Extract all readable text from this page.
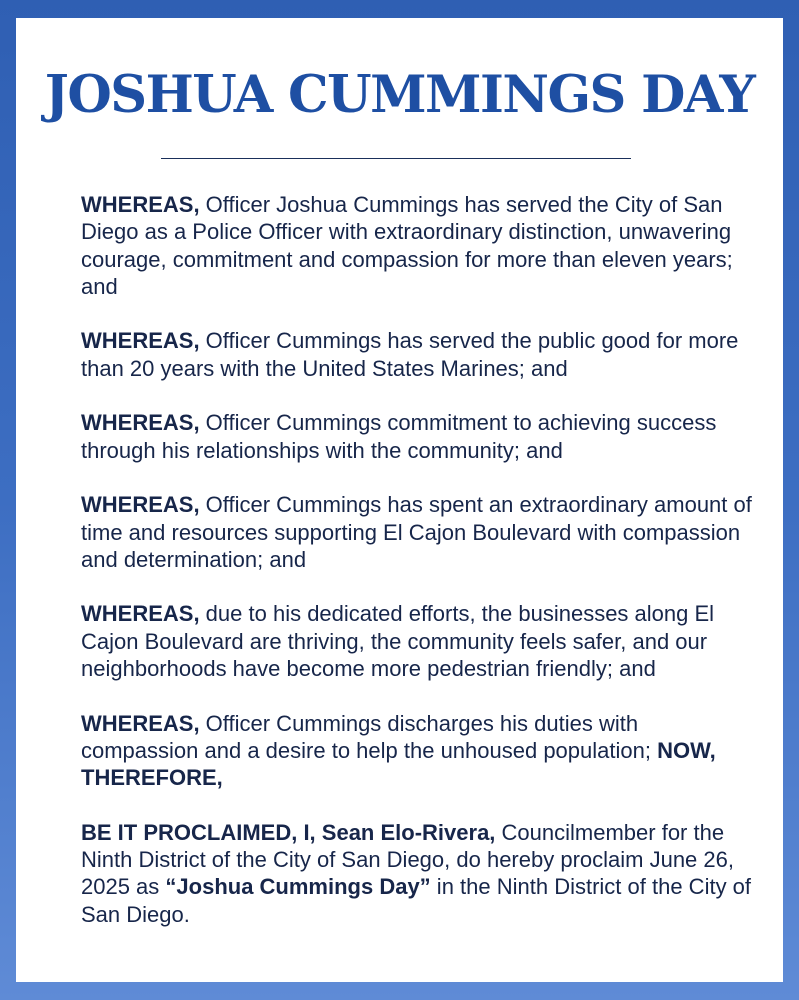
JOSHUA CUMMINGS DAY

WHEREAS, Officer Joshua Cummings has served the City of San Diego as a Police Officer with extraordinary distinction, unwavering courage, commitment and compassion for more than eleven years; and

WHEREAS, Officer Cummings has served the public good for more than 20 years with the United States Marines; and

WHEREAS, Officer Cummings commitment to achieving success through his relationships with the community; and

WHEREAS, Officer Cummings has spent an extraordinary amount of time and resources supporting El Cajon Boulevard with compassion and determination; and

WHEREAS, due to his dedicated efforts, the businesses along El Cajon Boulevard are thriving, the community feels safer, and our neighborhoods have become more pedestrian friendly; and

WHEREAS, Officer Cummings discharges his duties with compassion and a desire to help the unhoused population; NOW, THEREFORE,

BE IT PROCLAIMED, I, Sean Elo-Rivera, Councilmember for the Ninth District of the City of San Diego, do hereby proclaim June 26, 2025 as “Joshua Cummings Day” in the Ninth District of the City of San Diego.
